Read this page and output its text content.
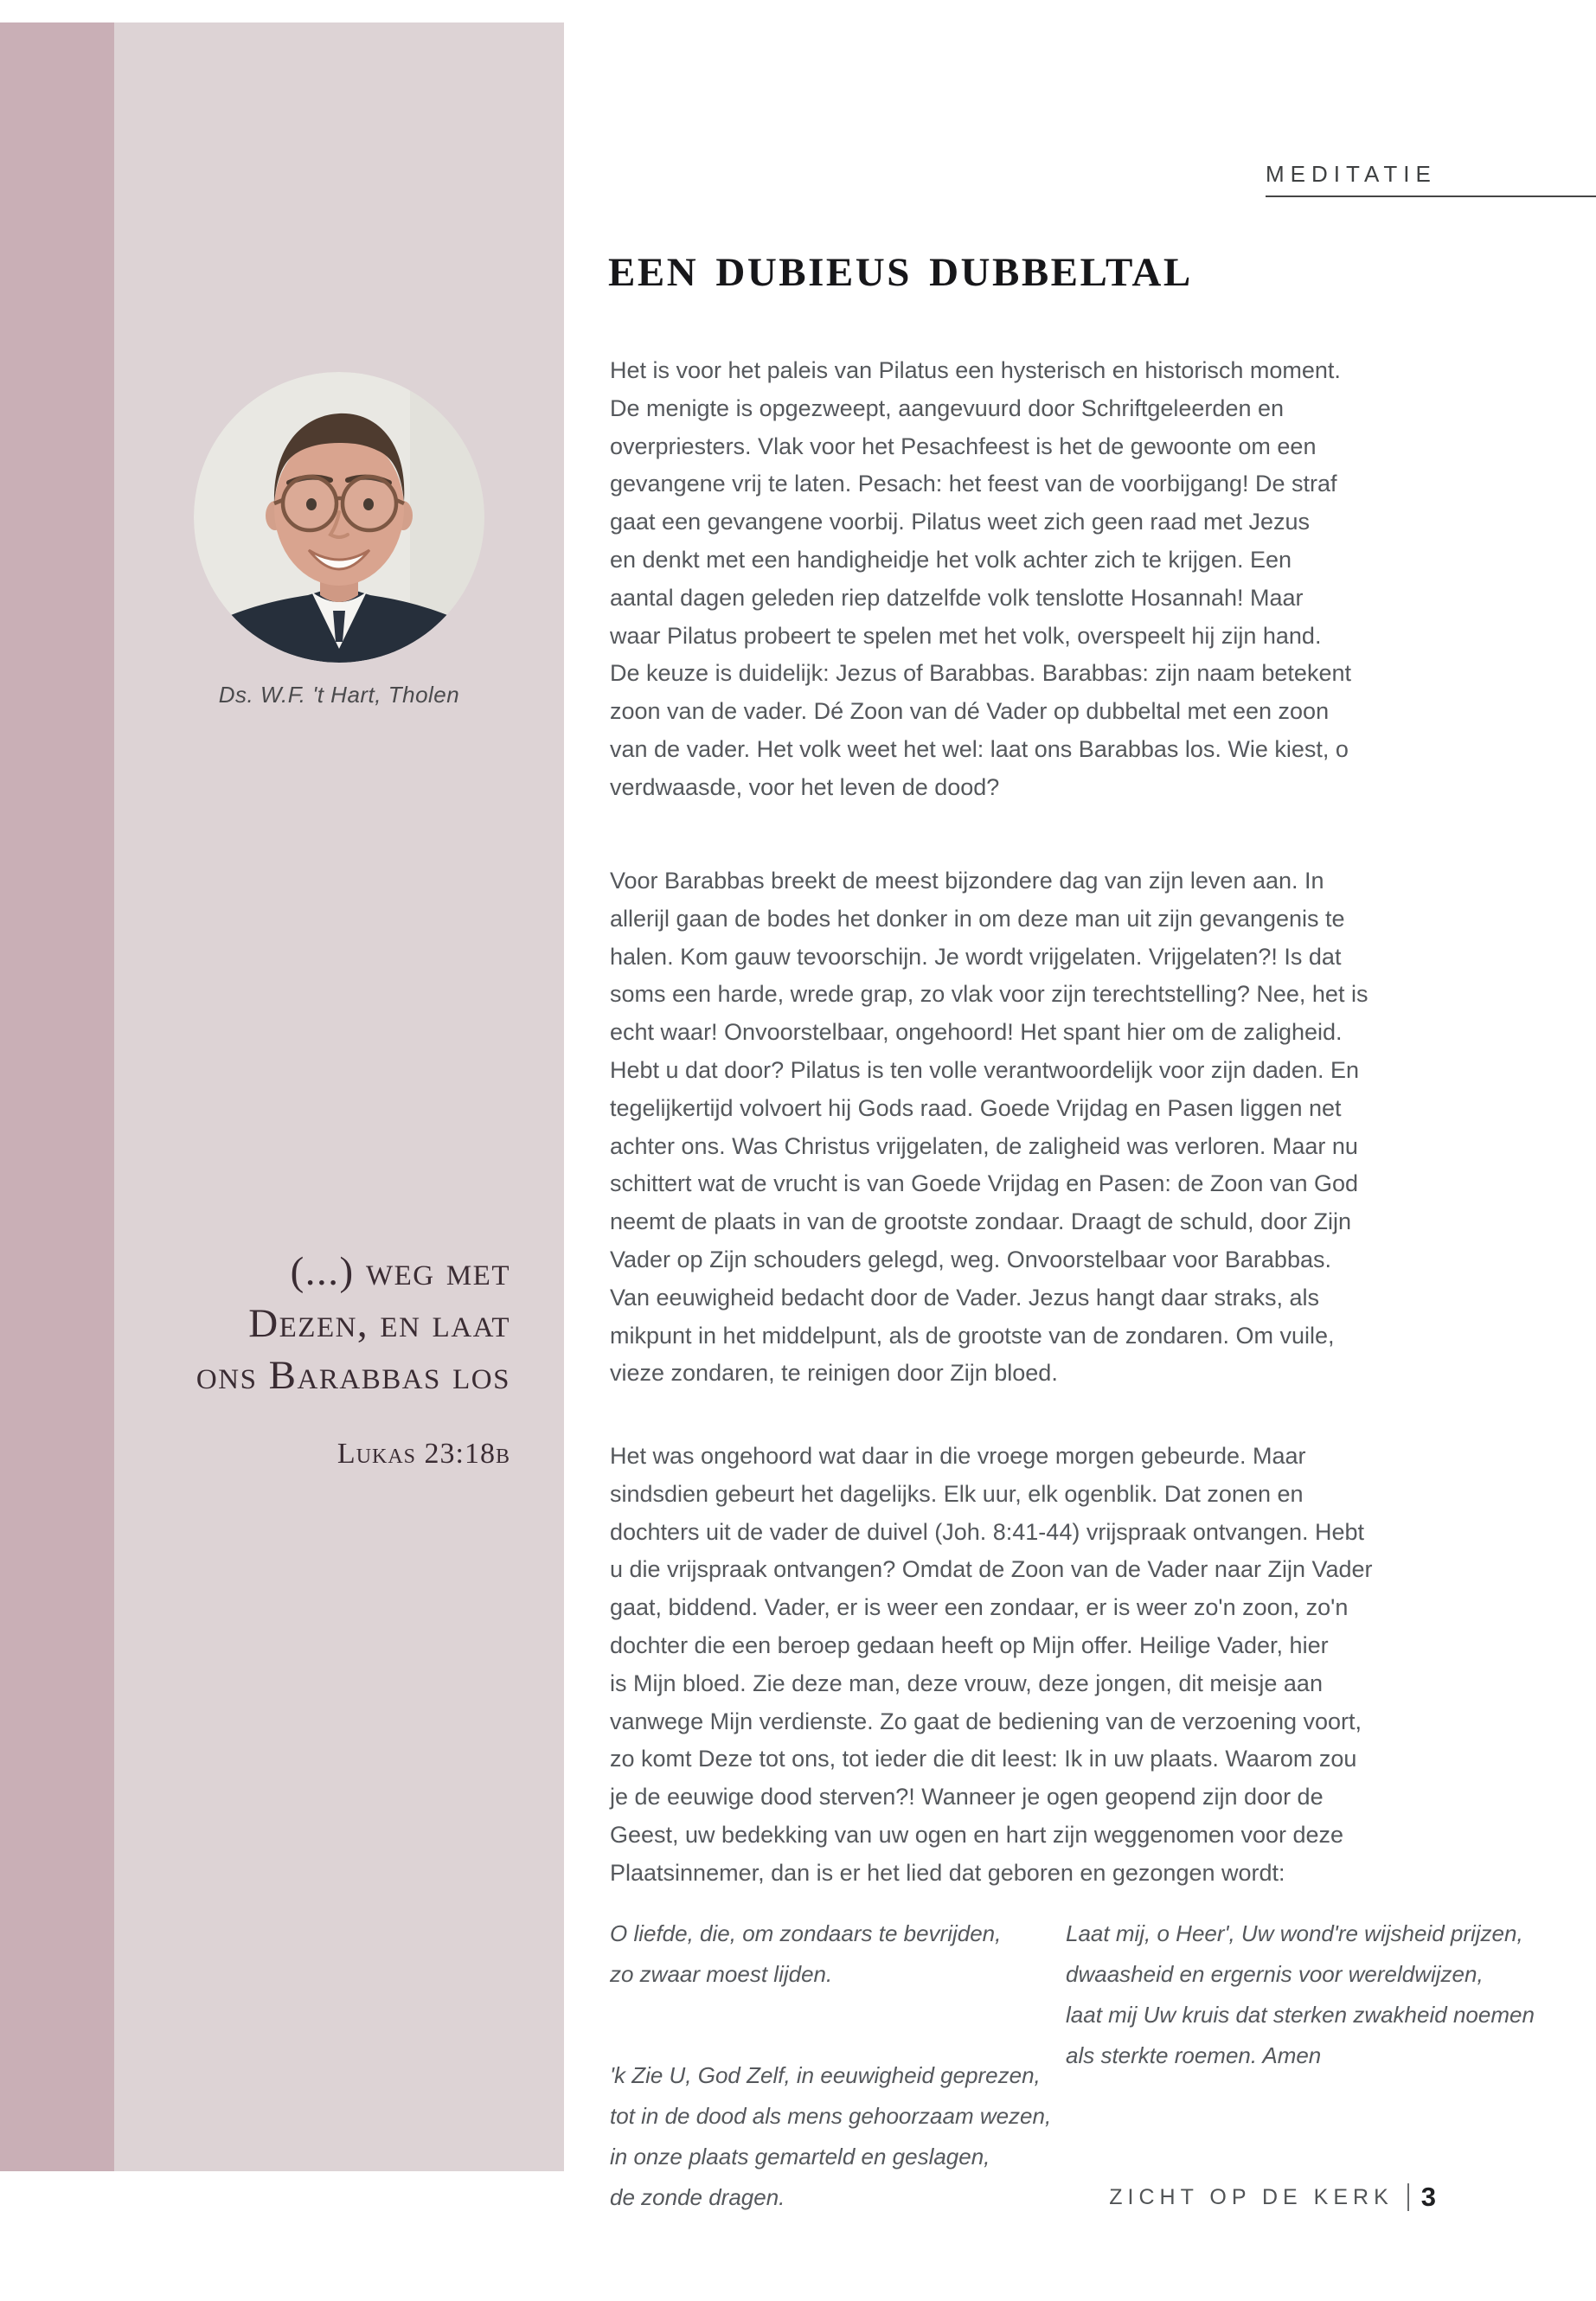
Ds. W.F. 't Hart, Tholen
(...) weg met
Dezen, en laat
ons Barabbas los
Lukas 23:18b
MEDITATIE
EEN DUBIEUS DUBBELTAL
Het is voor het paleis van Pilatus een hysterisch en historisch moment.
De menigte is opgezweept, aangevuurd door Schriftgeleerden en
overpriesters. Vlak voor het Pesachfeest is het de gewoonte om een
gevangene vrij te laten. Pesach: het feest van de voorbijgang! De straf
gaat een gevangene voorbij. Pilatus weet zich geen raad met Jezus
en denkt met een handigheidje het volk achter zich te krijgen. Een
aantal dagen geleden riep datzelfde volk tenslotte Hosannah! Maar
waar Pilatus probeert te spelen met het volk, overspeelt hij zijn hand.
De keuze is duidelijk: Jezus of Barabbas. Barabbas: zijn naam betekent
zoon van de vader. Dé Zoon van dé Vader op dubbeltal met een zoon
van de vader. Het volk weet het wel: laat ons Barabbas los. Wie kiest, o
verdwaasde, voor het leven de dood?
Voor Barabbas breekt de meest bijzondere dag van zijn leven aan. In
allerijl gaan de bodes het donker in om deze man uit zijn gevangenis te
halen. Kom gauw tevoorschijn. Je wordt vrijgelaten. Vrijgelaten?! Is dat
soms een harde, wrede grap, zo vlak voor zijn terechtstelling? Nee, het is
echt waar! Onvoorstelbaar, ongehoord! Het spant hier om de zaligheid.
Hebt u dat door? Pilatus is ten volle verantwoordelijk voor zijn daden. En
tegelijkertijd volvoert hij Gods raad. Goede Vrijdag en Pasen liggen net
achter ons. Was Christus vrijgelaten, de zaligheid was verloren. Maar nu
schittert wat de vrucht is van Goede Vrijdag en Pasen: de Zoon van God
neemt de plaats in van de grootste zondaar. Draagt de schuld, door Zijn
Vader op Zijn schouders gelegd, weg. Onvoorstelbaar voor Barabbas.
Van eeuwigheid bedacht door de Vader. Jezus hangt daar straks, als
mikpunt in het middelpunt, als de grootste van de zondaren. Om vuile,
vieze zondaren, te reinigen door Zijn bloed.
Het was ongehoord wat daar in die vroege morgen gebeurde. Maar
sindsdien gebeurt het dagelijks. Elk uur, elk ogenblik. Dat zonen en
dochters uit de vader de duivel (Joh. 8:41-44) vrijspraak ontvangen. Hebt
u die vrijspraak ontvangen? Omdat de Zoon van de Vader naar Zijn Vader
gaat, biddend. Vader, er is weer een zondaar, er is weer zo'n zoon, zo'n
dochter die een beroep gedaan heeft op Mijn offer. Heilige Vader, hier
is Mijn bloed. Zie deze man, deze vrouw, deze jongen, dit meisje aan
vanwege Mijn verdienste. Zo gaat de bediening van de verzoening voort,
zo komt Deze tot ons, tot ieder die dit leest: Ik in uw plaats. Waarom zou
je de eeuwige dood sterven?! Wanneer je ogen geopend zijn door de
Geest, uw bedekking van uw ogen en hart zijn weggenomen voor deze
Plaatsinnemer, dan is er het lied dat geboren en gezongen wordt:
O liefde, die, om zondaars te bevrijden,
zo zwaar moest lijden.
'k Zie U, God Zelf, in eeuwigheid geprezen,
tot in de dood als mens gehoorzaam wezen,
in onze plaats gemarteld en geslagen,
de zonde dragen.
Laat mij, o Heer', Uw wond're wijsheid prijzen,
dwaasheid en ergernis voor wereldwijzen,
laat mij Uw kruis dat sterken zwakheid noemen
als sterkte roemen. Amen
ZICHT OP DE KERK 3
